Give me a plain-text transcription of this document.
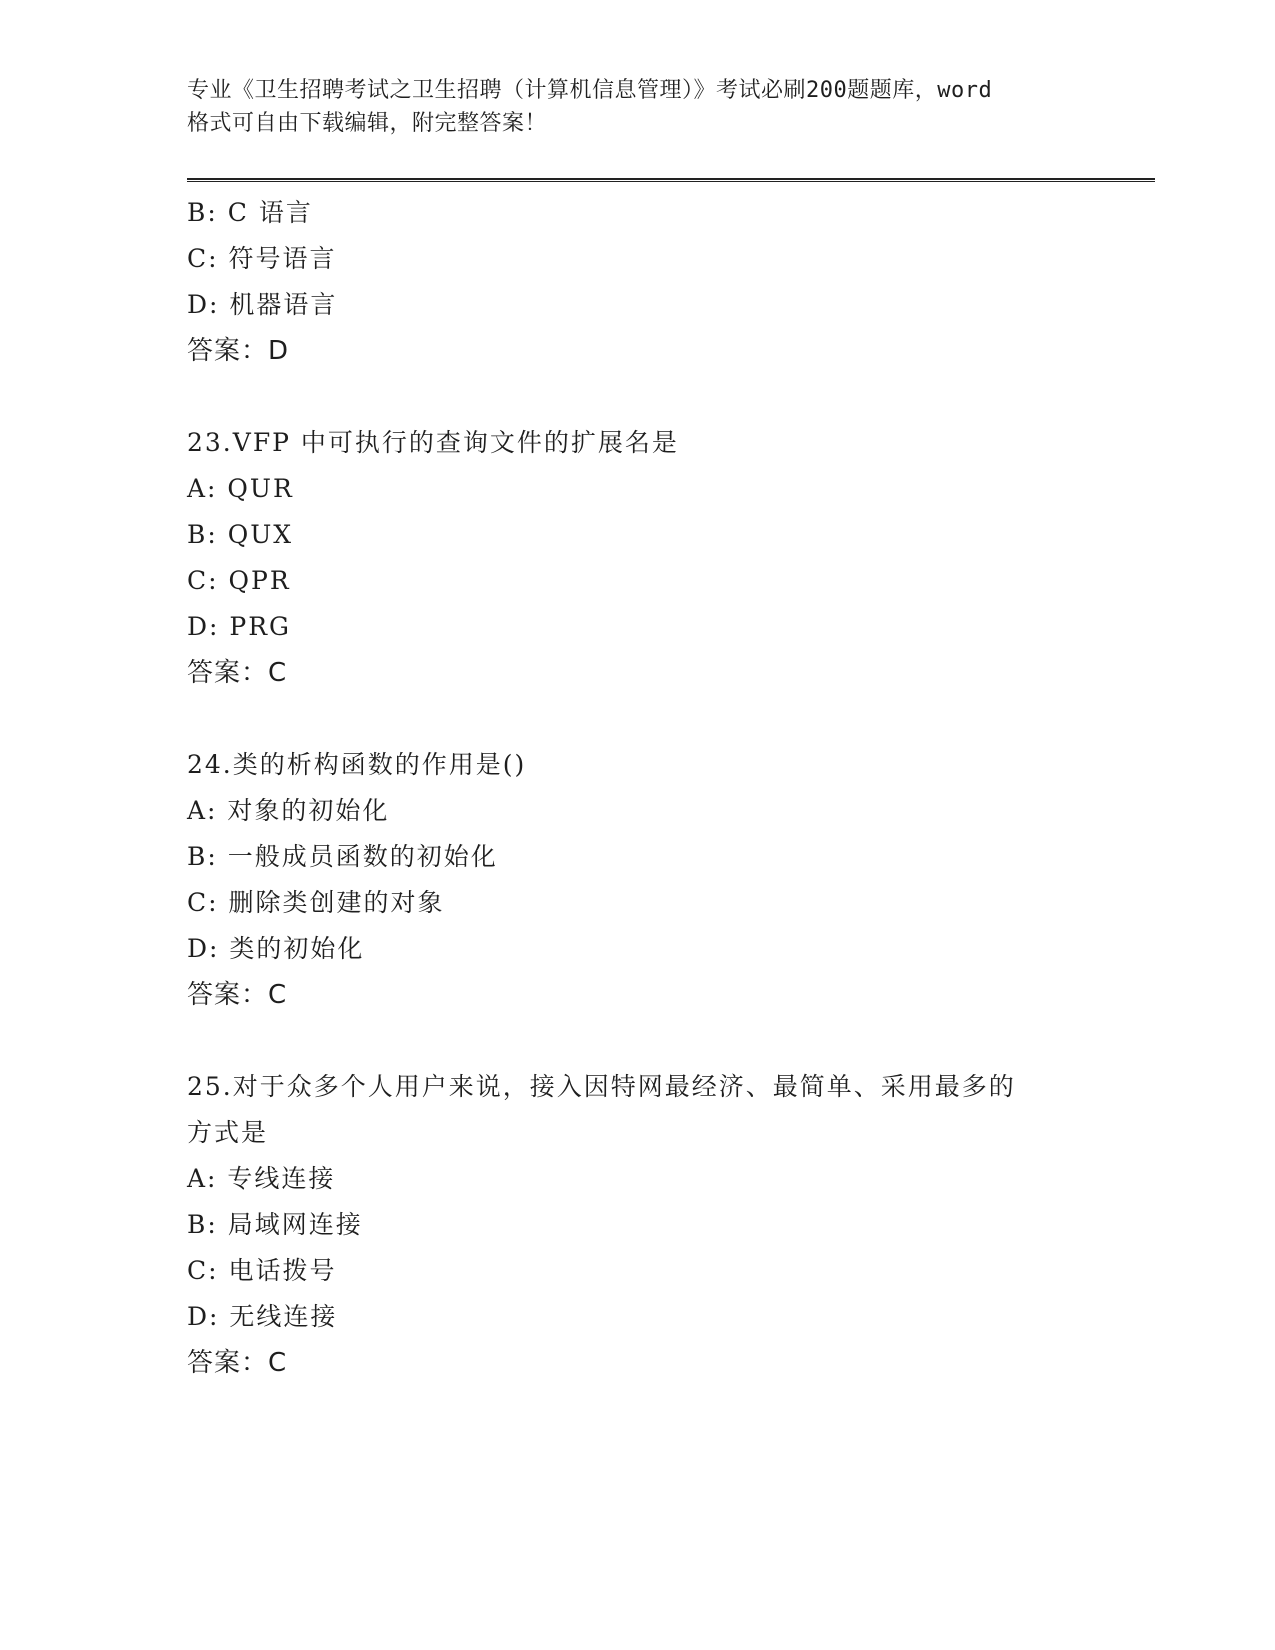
专业《卫生招聘考试之卫生招聘（计算机信息管理）》考试必刷200题题库，word
格式可自由下载编辑，附完整答案！
B: C 语言
C: 符号语言
D: 机器语言
答案：D
23.VFP 中可执行的查询文件的扩展名是
A: QUR
B: QUX
C: QPR
D: PRG
答案：C
24.类的析构函数的作用是()
A: 对象的初始化
B: 一般成员函数的初始化
C: 删除类创建的对象
D: 类的初始化
答案：C
25.对于众多个人用户来说，接入因特网最经济、最简单、采用最多的
方式是
A: 专线连接
B: 局域网连接
C: 电话拨号
D: 无线连接
答案：C
